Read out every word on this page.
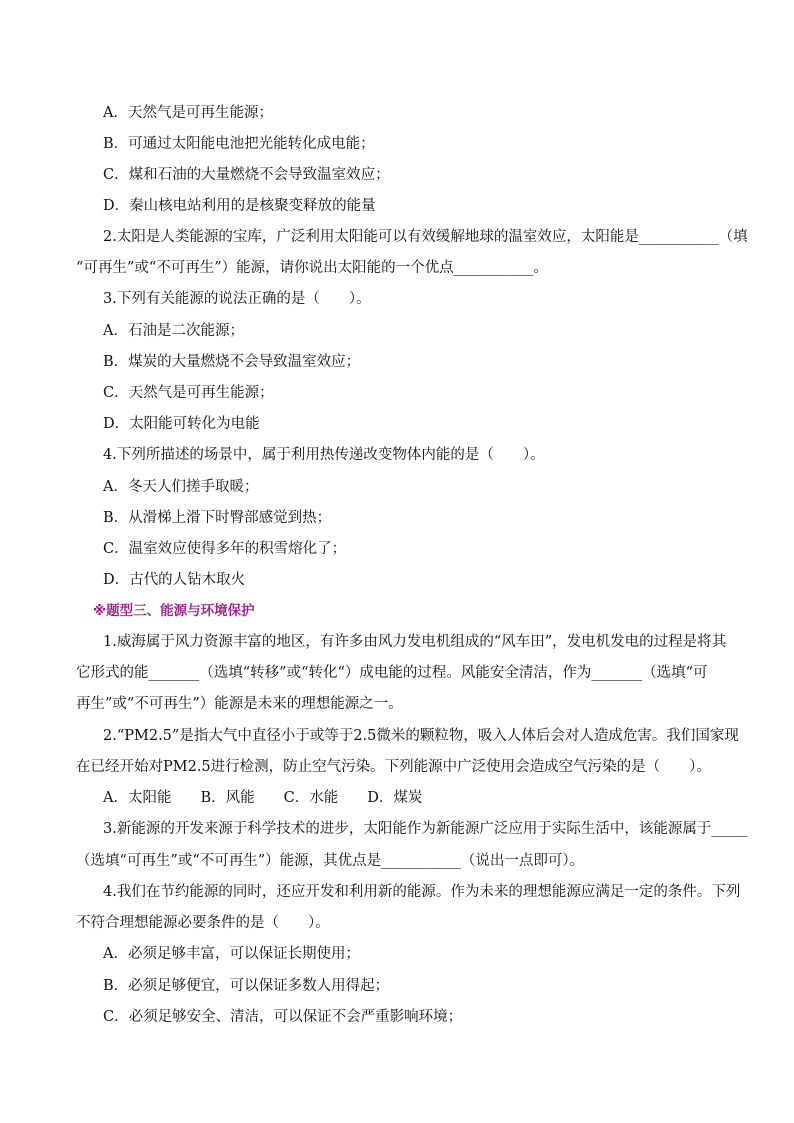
A．天然气是可再生能源；
B．可通过太阳能电池把光能转化成电能；
C．煤和石油的大量燃烧不会导致温室效应；
D．秦山核电站利用的是核聚变释放的能量
2.太阳是人类能源的宝库，广泛利用太阳能可以有效缓解地球的温室效应，太阳能是___________（填
“可再生”或“不可再生”）能源，请你说出太阳能的一个优点___________。
3.下列有关能源的说法正确的是（　　）。
A．石油是二次能源；
B．煤炭的大量燃烧不会导致温室效应；
C．天然气是可再生能源；
D．太阳能可转化为电能
4.下列所描述的场景中，属于利用热传递改变物体内能的是（　　）。
A．冬天人们搓手取暖；
B．从滑梯上滑下时臀部感觉到热；
C．温室效应使得多年的积雪熔化了；
D．古代的人钻木取火
※题型三、能源与环境保护
1.威海属于风力资源丰富的地区，有许多由风力发电机组成的“风车田”，发电机发电的过程是将其
它形式的能_______（选填“转移”或“转化“）成电能的过程。风能安全清洁，作为_______（选填“可
再生”或“不可再生”）能源是未来的理想能源之一。
2.“PM2.5”是指大气中直径小于或等于2.5微米的颗粒物，吸入人体后会对人造成危害。我们国家现
在已经开始对PM2.5进行检测，防止空气污染。下列能源中广泛使用会造成空气污染的是（　　）。
A．太阳能　　B．风能　　C．水能　　D．煤炭
3.新能源的开发来源于科学技术的进步，太阳能作为新能源广泛应用于实际生活中，该能源属于_____
（选填“可再生”或“不可再生”）能源，其优点是___________（说出一点即可）。
4.我们在节约能源的同时，还应开发和利用新的能源。作为未来的理想能源应满足一定的条件。下列
不符合理想能源必要条件的是（　　）。
A．必须足够丰富，可以保证长期使用；
B．必须足够便宜，可以保证多数人用得起；
C．必须足够安全、清洁，可以保证不会严重影响环境；
